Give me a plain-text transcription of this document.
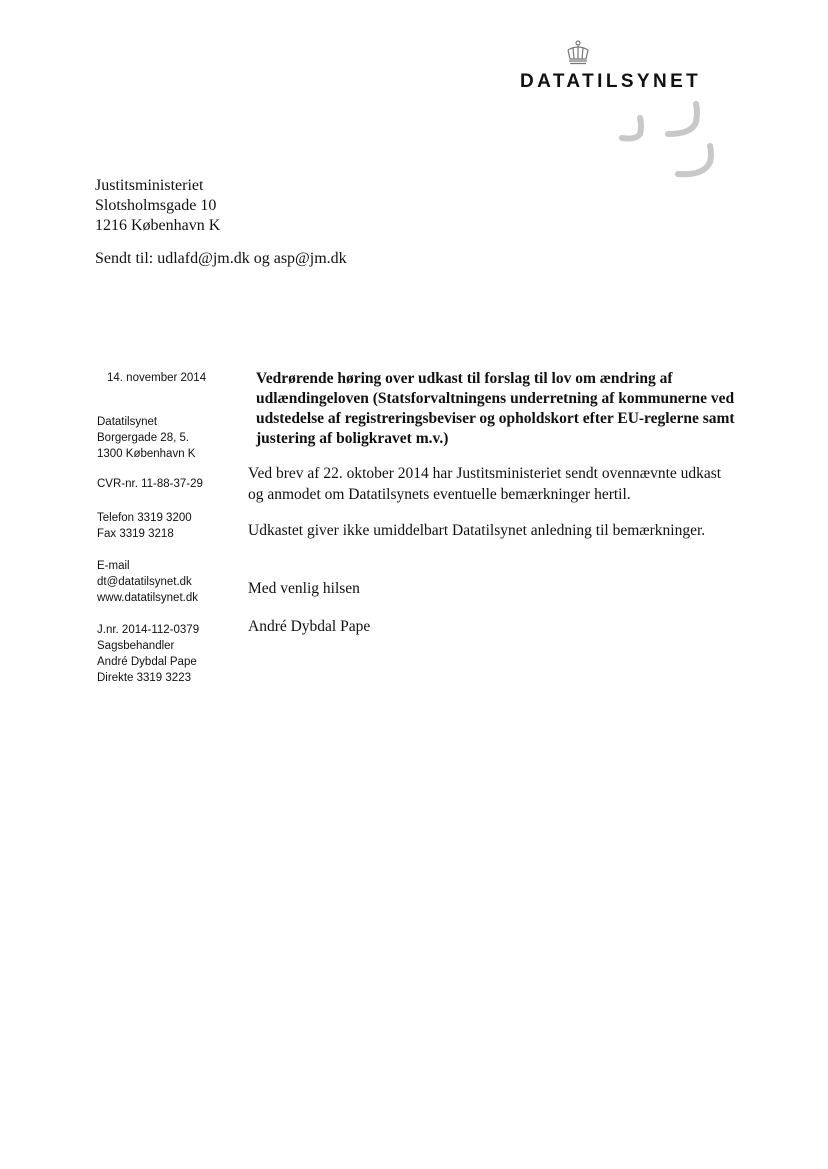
DATATILSYNET
Justitsministeriet
Slotsholmsgade 10
1216 København K
Sendt til: udlafd@jm.dk og asp@jm.dk
14. november 2014
Datatilsynet
Borgergade 28, 5.
1300 København K
CVR-nr. 11-88-37-29
Telefon 3319 3200
Fax 3319 3218
E-mail
dt@datatilsynet.dk
www.datatilsynet.dk
J.nr. 2014-112-0379
Sagsbehandler
André Dybdal Pape
Direkte 3319 3223
Vedrørende høring over udkast til forslag til lov om ændring af
udlændingeloven (Statsforvaltningens underretning af kommunerne ved
udstedelse af registreringsbeviser og opholdskort efter EU-reglerne samt
justering af boligkravet m.v.)
Ved brev af 22. oktober 2014 har Justitsministeriet sendt ovennævnte udkast
og anmodet om Datatilsynets eventuelle bemærkninger hertil.
Udkastet giver ikke umiddelbart Datatilsynet anledning til bemærkninger.
Med venlig hilsen
André Dybdal Pape
